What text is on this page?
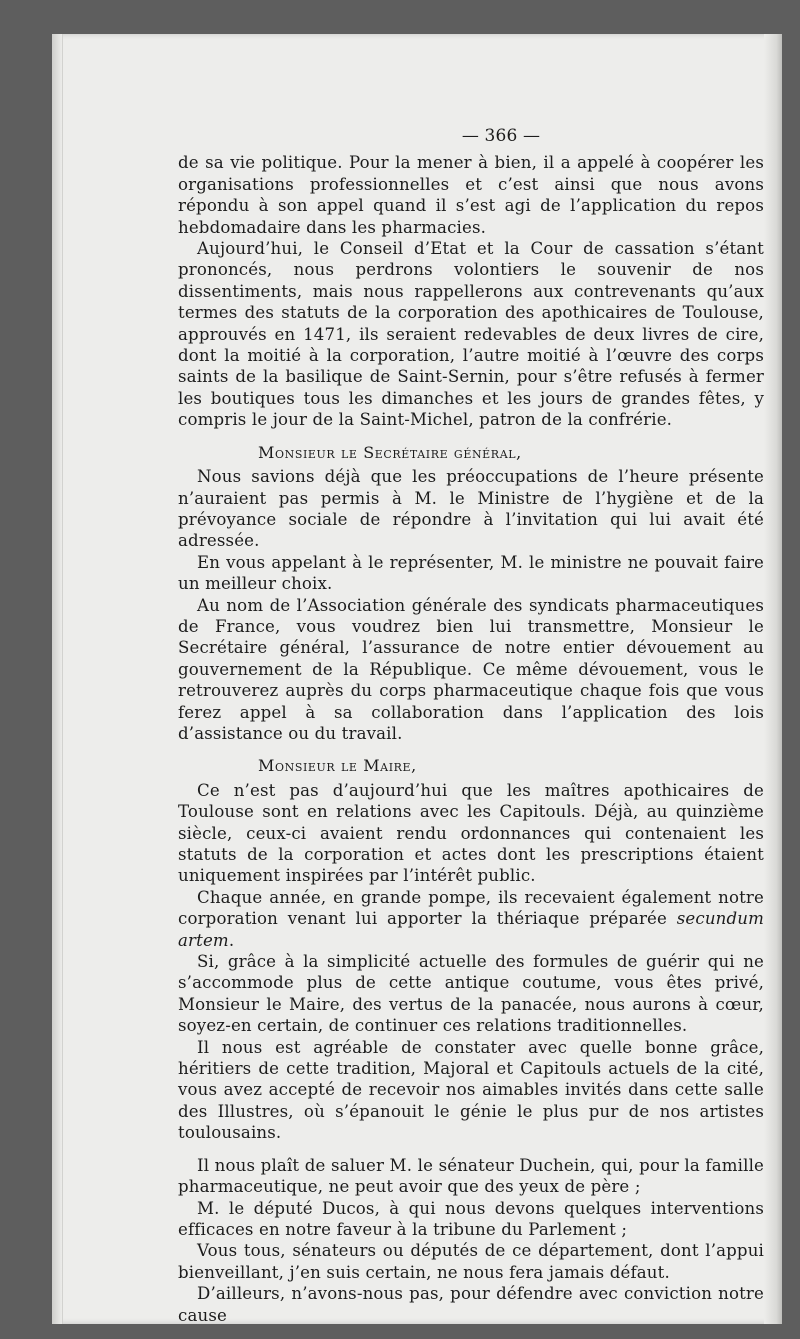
— 366 —

de sa vie politique. Pour la mener à bien, il a appelé à coopérer les organisations professionnelles et c’est ainsi que nous avons répondu à son appel quand il s’est agi de l’application du repos hebdomadaire dans les pharmacies.

Aujourd’hui, le Conseil d’Etat et la Cour de cassation s’étant prononcés, nous perdrons volontiers le souvenir de nos dissentiments, mais nous rappellerons aux contrevenants qu’aux termes des statuts de la corporation des apothicaires de Toulouse, approuvés en 1471, ils seraient redevables de deux livres de cire, dont la moitié à la corporation, l’autre moitié à l’œuvre des corps saints de la basilique de Saint-Sernin, pour s’être refusés à fermer les boutiques tous les dimanches et les jours de grandes fêtes, y compris le jour de la Saint-Michel, patron de la confrérie.

Monsieur le Secrétaire général,

Nous savions déjà que les préoccupations de l’heure présente n’auraient pas permis à M. le Ministre de l’hygiène et de la prévoyance sociale de répondre à l’invitation qui lui avait été adressée.

En vous appelant à le représenter, M. le ministre ne pouvait faire un meilleur choix.

Au nom de l’Association générale des syndicats pharmaceutiques de France, vous voudrez bien lui transmettre, Monsieur le Secrétaire général, l’assurance de notre entier dévouement au gouvernement de la République. Ce même dévouement, vous le retrouverez auprès du corps pharmaceutique chaque fois que vous ferez appel à sa collaboration dans l’application des lois d’assistance ou du travail.

Monsieur le Maire,

Ce n’est pas d’aujourd’hui que les maîtres apothicaires de Toulouse sont en relations avec les Capitouls. Déjà, au quinzième siècle, ceux-ci avaient rendu ordonnances qui contenaient les statuts de la corporation et actes dont les prescriptions étaient uniquement inspirées par l’intérêt public.

Chaque année, en grande pompe, ils recevaient également notre corporation venant lui apporter la thériaque préparée secundum artem.

Si, grâce à la simplicité actuelle des formules de guérir qui ne s’accommode plus de cette antique coutume, vous êtes privé, Monsieur le Maire, des vertus de la panacée, nous aurons à cœur, soyez-en certain, de continuer ces relations traditionnelles.

Il nous est agréable de constater avec quelle bonne grâce, héritiers de cette tradition, Majoral et Capitouls actuels de la cité, vous avez accepté de recevoir nos aimables invités dans cette salle des Illustres, où s’épanouit le génie le plus pur de nos artistes toulousains.

Il nous plaît de saluer M. le sénateur Duchein, qui, pour la famille pharmaceutique, ne peut avoir que des yeux de père ;

M. le député Ducos, à qui nous devons quelques interventions efficaces en notre faveur à la tribune du Parlement ;

Vous tous, sénateurs ou députés de ce département, dont l’appui bienveillant, j’en suis certain, ne nous fera jamais défaut.

D’ailleurs, n’avons-nous pas, pour défendre avec conviction notre cause
